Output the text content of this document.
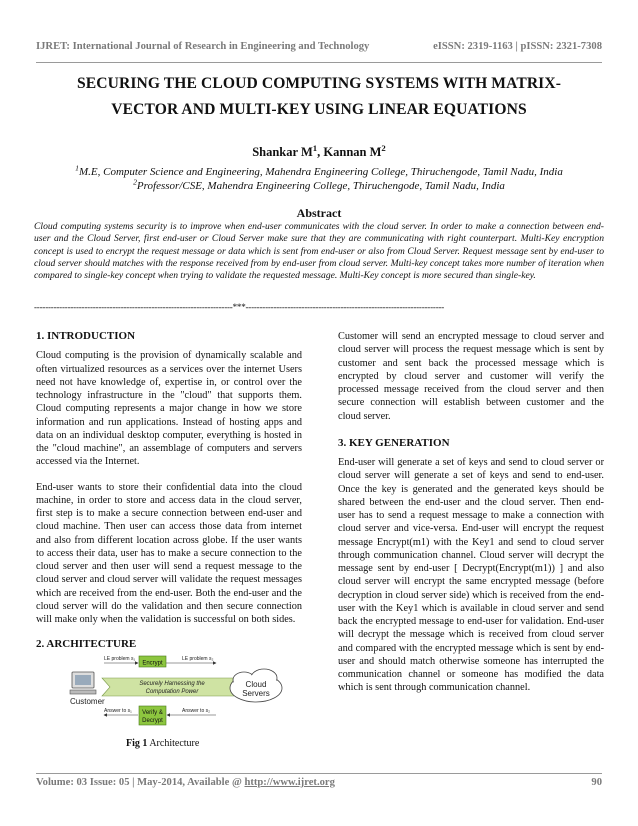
IJRET: International Journal of Research in Engineering and Technology	eISSN: 2319-1163 | pISSN: 2321-7308
SECURING THE CLOUD COMPUTING SYSTEMS WITH MATRIX-
VECTOR AND MULTI-KEY USING LINEAR EQUATIONS
Shankar $M^1$, Kannan $M^2$
$^1$M.E, Computer Science and Engineering, Mahendra Engineering College, Thiruchengode, Tamil Nadu, India
$^2$Professor/CSE, Mahendra Engineering College, Thiruchengode, Tamil Nadu, India
Abstract
Cloud computing systems security is to improve when end-user communicates with the cloud server. In order to make a connection between end-user and the Cloud Server, first end-user or Cloud Server make sure that they are communicating with right counterpart. Multi-Key encryption concept is used to encrypt the request message or data which is sent from end-user or also from Cloud Server. Request message sent by end-user to cloud server should matches with the response received from by end-user from cloud server. Multi-key concept takes more number of iteration when compared to single-key concept when trying to validate the requested message. Multi-Key concept is more secured than single-key.
-----------------------------------------------------------------------***-----------------------------------------------------------------------
1. INTRODUCTION

Cloud computing is the provision of dynamically scalable and often virtualized resources as a services over the internet Users need not have knowledge of, expertise in, or control over the technology infrastructure in the "cloud" that supports them. Cloud computing represents a major change in how we store information and run applications. Instead of hosting apps and data on an individual desktop computer, everything is hosted in the "cloud machine", an assemblage of computers and servers accessed via the Internet.

End-user wants to store their confidential data into the cloud machine, in order to store and access data in the cloud server, first step is to make a secure connection between end-user and cloud machine. Then user can access those data from internet and also from different location across globe. If the user wants to access their data, user has to make a secure connection to the cloud server and then user will send a request message to the cloud server and cloud server will validate the request messages which are received from the end-user. Both the end-user and the cloud server will do the validation and then secure connection will make only when the validation is successful on both sides.

2. ARCHITECTURE
Customer
LE problem s₁	LE problem s₂
Encrypt
Securely Harnessing the
Computation Power
Cloud
Servers
Answer to s₁	Answer to s₂
Verify &
Decrypt
Fig 1 Architecture

Customer will send an encrypted message to cloud server and cloud server will process the request message which is sent by customer and sent back the processed message which is encrypted by cloud server and customer will verify the processed message received from the cloud server and then secure connection will establish between customer and the cloud server.

3. KEY GENERATION

End-user will generate a set of keys and send to cloud server or cloud server will generate a set of keys and send to end-user. Once the key is generated and the generated keys should be shared between the end-user and the cloud server. Then end-user has to send a request message to make a connection with cloud server and vice-versa. End-user will encrypt the request message Encrypt(m1) with the Key1 and send to cloud server through communication channel. Cloud server will decrypt the message sent by end-user [ Decrypt(Encrypt(m1)) ] and also cloud server will encrypt the same encrypted message (before decryption in cloud server side) which is received from the end-user with the Key1 which is available in cloud server and send back the encrypted message to end-user for validation. End-user will decrypt the message which is received from cloud server and compared with the encrypted message which is sent by end-user and should match otherwise someone has interrupted the communication channel or someone has modified the data which is sent through communication channel.

Volume: 03 Issue: 05 | May-2014, Available @ http://www.ijret.org	90
